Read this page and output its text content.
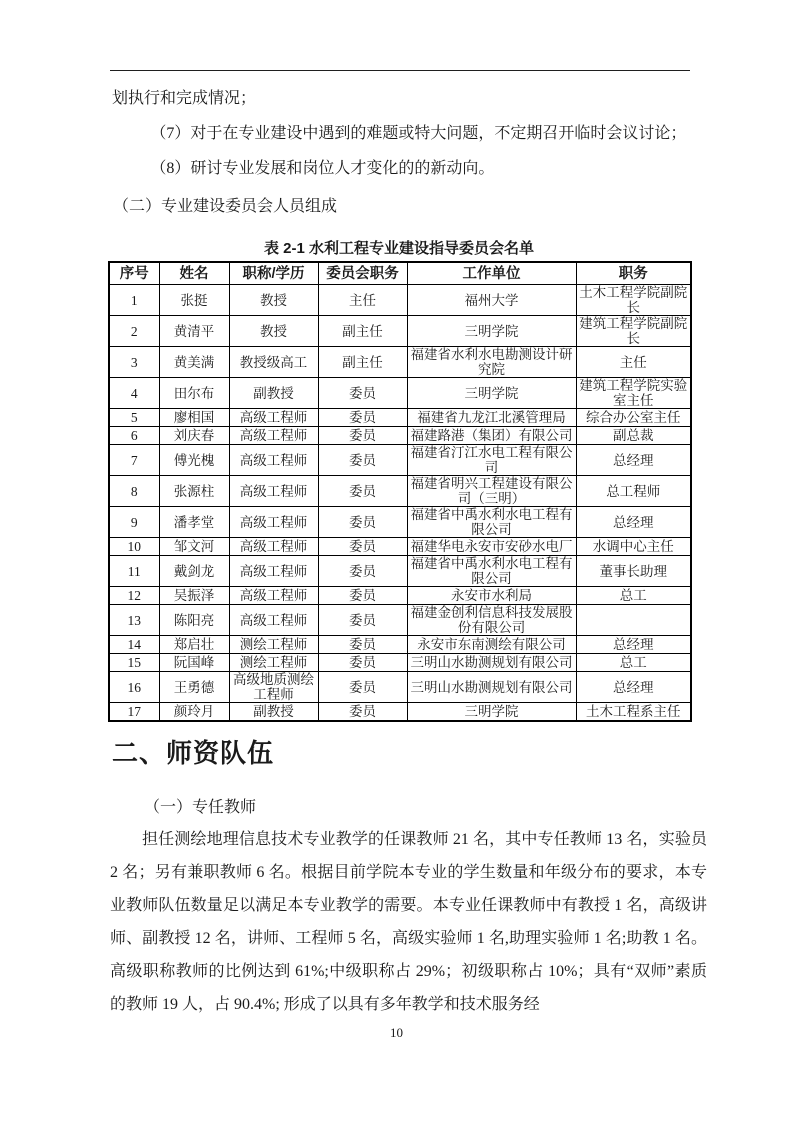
划执行和完成情况；
（7）对于在专业建设中遇到的难题或特大问题，不定期召开临时会议讨论；
（8）研讨专业发展和岗位人才变化的的新动向。
（二）专业建设委员会人员组成
表 2-1 水利工程专业建设指导委员会名单
序号	姓名	职称/学历	委员会职务	工作单位	职务
1	张挺	教授	主任	福州大学	土木工程学院副院长
2	黄清平	教授	副主任	三明学院	建筑工程学院副院长
3	黄美满	教授级高工	副主任	福建省水利水电勘测设计研究院	主任
4	田尔布	副教授	委员	三明学院	建筑工程学院实验室主任
5	廖相国	高级工程师	委员	福建省九龙江北溪管理局	综合办公室主任
6	刘庆春	高级工程师	委员	福建路港（集团）有限公司	副总裁
7	傅光槐	高级工程师	委员	福建省汀江水电工程有限公司	总经理
8	张源柱	高级工程师	委员	福建省明兴工程建设有限公司（三明）	总工程师
9	潘孝堂	高级工程师	委员	福建省中禹水利水电工程有限公司	总经理
10	邹文河	高级工程师	委员	福建华电永安市安砂水电厂	水调中心主任
11	戴剑龙	高级工程师	委员	福建省中禹水利水电工程有限公司	董事长助理
12	吴振泽	高级工程师	委员	永安市水利局	总工
13	陈阳亮	高级工程师	委员	福建金创利信息科技发展股份有限公司	
14	郑启壮	测绘工程师	委员	永安市东南测绘有限公司	总经理
15	阮国峰	测绘工程师	委员	三明山水勘测规划有限公司	总工
16	王勇德	高级地质测绘工程师	委员	三明山水勘测规划有限公司	总经理
17	颜玲月	副教授	委员	三明学院	土木工程系主任
二、师资队伍
（一）专任教师
担任测绘地理信息技术专业教学的任课教师 21 名，其中专任教师 13 名，实验员 2 名；另有兼职教师 6 名。根据目前学院本专业的学生数量和年级分布的要求，本专业教师队伍数量足以满足本专业教学的需要。本专业任课教师中有教授 1 名，高级讲师、副教授 12 名，讲师、工程师 5 名，高级实验师 1 名,助理实验师 1 名;助教 1 名。高级职称教师的比例达到 61%;中级职称占 29%；初级职称占 10%；具有“双师”素质的教师 19 人，占 90.4%; 形成了以具有多年教学和技术服务经
10
